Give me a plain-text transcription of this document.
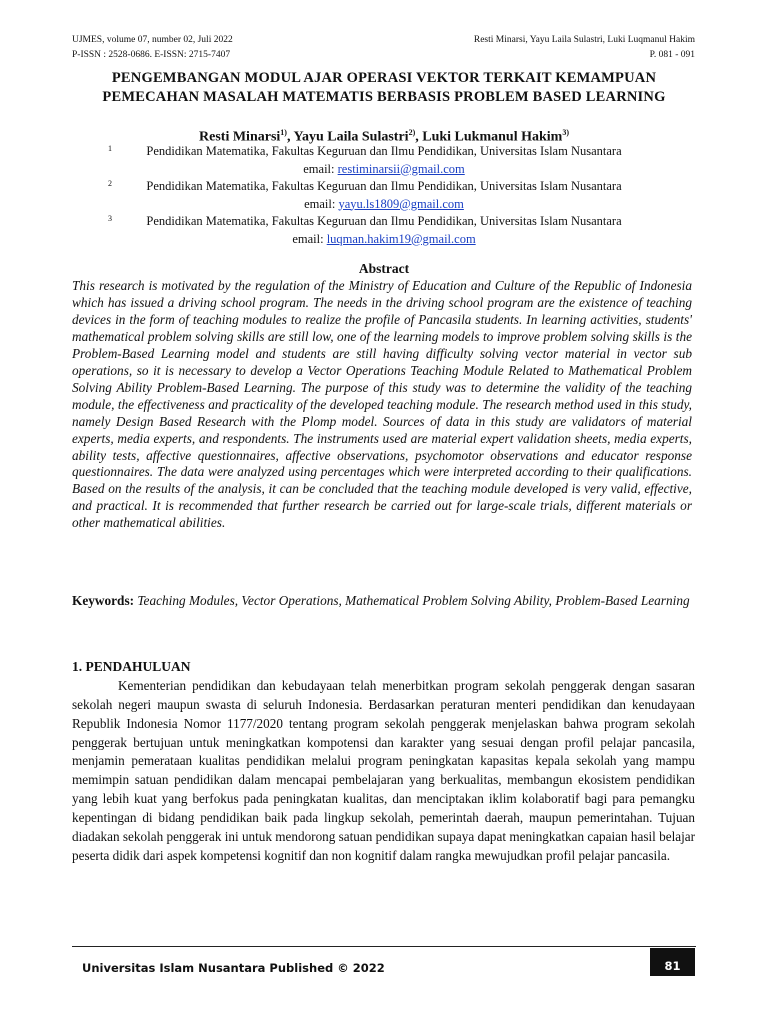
UJMES, volume 07, number 02, Juli 2022
P-ISSN : 2528-0686. E-ISSN: 2715-7407
Resti Minarsi, Yayu Laila Sulastri, Luki Luqmanul Hakim
P. 081 - 091
PENGEMBANGAN MODUL AJAR OPERASI VEKTOR TERKAIT KEMAMPUAN
PEMECAHAN MASALAH MATEMATIS BERBASIS PROBLEM BASED LEARNING
Resti Minarsi$^{1)}$, Yayu Laila Sulastri$^{2)}$, Luki Lukmanul Hakim$^{3)}$
1	Pendidikan Matematika, Fakultas Keguruan dan Ilmu Pendidikan, Universitas Islam Nusantara
email: restiminarsii@gmail.com
2	Pendidikan Matematika, Fakultas Keguruan dan Ilmu Pendidikan, Universitas Islam Nusantara
email: yayu.ls1809@gmail.com
3	Pendidikan Matematika, Fakultas Keguruan dan Ilmu Pendidikan, Universitas Islam Nusantara
email: luqman.hakim19@gmail.com
Abstract

This research is motivated by the regulation of the Ministry of Education and Culture of the Republic of Indonesia which has issued a driving school program. The needs in the driving school program are the existence of teaching devices in the form of teaching modules to realize the profile of Pancasila students. In learning activities, students' mathematical problem solving skills are still low, one of the learning models to improve problem solving skills is the Problem-Based Learning model and students are still having difficulty solving vector material in vector sub operations, so it is necessary to develop a Vector Operations Teaching Module Related to Mathematical Problem Solving Ability Problem-Based Learning. The purpose of this study was to determine the validity of the teaching module, the effectiveness and practicality of the developed teaching module. The research method used in this study, namely Design Based Research with the Plomp model. Sources of data in this study are validators of material experts, media experts, and respondents. The instruments used are material expert validation sheets, media experts, ability tests, affective questionnaires, affective observations, psychomotor observations and educator response questionnaires. The data were analyzed using percentages which were interpreted according to their qualifications. Based on the results of the analysis, it can be concluded that the teaching module developed is very valid, effective, and practical. It is recommended that further research be carried out for large-scale trials, different materials or other mathematical abilities.

Keywords: Teaching Modules, Vector Operations, Mathematical Problem Solving Ability, Problem-Based Learning

1. PENDAHULUAN

Kementerian pendidikan dan kebudayaan telah menerbitkan program sekolah penggerak dengan sasaran sekolah negeri maupun swasta di seluruh Indonesia. Berdasarkan peraturan menteri pendidikan dan kenudayaan Republik Indonesia Nomor 1177/2020 tentang program sekolah penggerak menjelaskan bahwa program sekolah penggerak bertujuan untuk meningkatkan kompotensi dan karakter yang sesuai dengan profil pelajar pancasila, menjamin pemerataan kualitas pendidikan melalui program peningkatan kapasitas kepala sekolah yang mampu memimpin satuan pendidikan dalam mencapai pembelajaran yang berkualitas, membangun ekosistem pendidikan yang lebih kuat yang berfokus pada peningkatan kualitas, dan menciptakan iklim kolaboratif bagi para pemangku kepentingan di bidang pendidikan baik pada lingkup sekolah, pemerintah daerah, maupun pemerintahan. Tujuan diadakan sekolah penggerak ini untuk mendorong satuan pendidikan supaya dapat meningkatkan capaian hasil belajar peserta didik dari aspek kompetensi kognitif dan non kognitif dalam rangka mewujudkan profil pelajar pancasila.

Universitas Islam Nusantara Published © 2022	81
